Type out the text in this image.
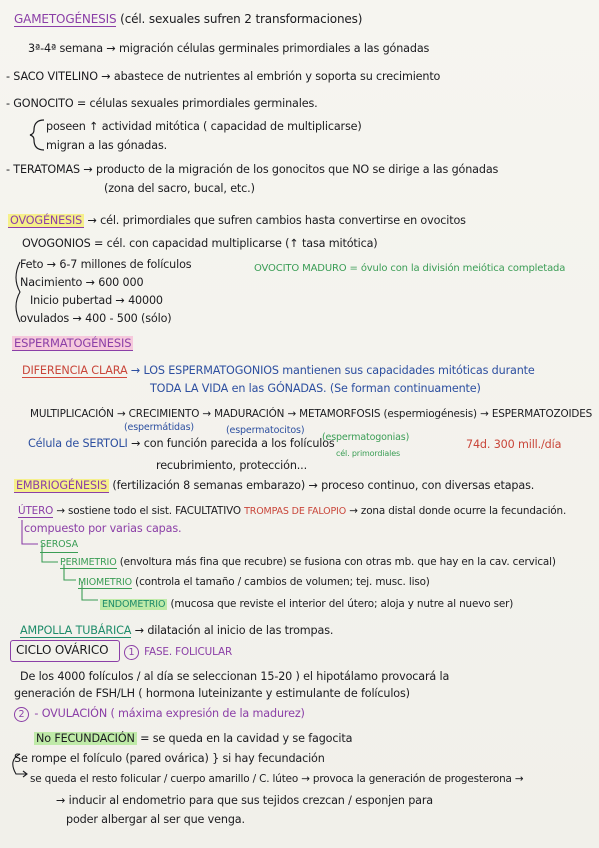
GAMETOGÉNESIS (cél. sexuales sufren 2 transformaciones)
3ª-4ª semana → migración células germinales primordiales a las gónadas
- SACO VITELINO → abastece de nutrientes al embrión y soporta su crecimiento
- GONOCITO = células sexuales primordiales germinales.
poseen ↑ actividad mitótica ( capacidad de multiplicarse)
migran a las gónadas.
- TERATOMAS → producto de la migración de los gonocitos que NO se dirige a las gónadas
(zona del sacro, bucal, etc.)
OVOGÉNESIS → cél. primordiales que sufren cambios hasta convertirse en ovocitos
OVOGONIOS = cél. con capacidad multiplicarse (↑ tasa mitótica)
Feto → 6-7 millones de folículos	OVOCITO MADURO = óvulo con la división meiótica completada
Nacimiento → 600 000
Inicio pubertad → 40000
ovulados → 400 - 500 (sólo)
ESPERMATOGÉNESIS
DIFERENCIA CLARA → LOS ESPERMATOGONIOS mantienen sus capacidades mitóticas durante
TODA LA VIDA en las GÓNADAS. (Se forman continuamente)
MULTIPLICACIÓN → CRECIMIENTO → MADURACIÓN → METAMORFOSIS (espermiogénesis) → ESPERMATOZOIDES
(espermátidas)	(espermatocitos)
(espermatogonias)
cél. primordiales
74d. 300 mill./día
Célula de SERTOLI → con función parecida a los folículos
recubrimiento, protección...
EMBRIOGÉNESIS (fertilización 8 semanas embarazo) → proceso continuo, con diversas etapas.
ÚTERO → sostiene todo el sist. FACULTATIVO TROMPAS DE FALOPIO → zona distal donde ocurre la fecundación.
compuesto por varias capas.
SEROSA
PERIMETRIO (envoltura más fina que recubre) se fusiona con otras mb. que hay en la cav. cervical)
MIOMETRIO (controla el tamaño / cambios de volumen; tej. musc. liso)
ENDOMETRIO (mucosa que reviste el interior del útero; aloja y nutre al nuevo ser)
AMPOLLA TUBÁRICA → dilatación al inicio de las trompas.
CICLO OVÁRICO	1 FASE. FOLICULAR
De los 4000 folículos / al día se seleccionan 15-20 ) el hipotálamo provocará la
generación de FSH/LH ( hormona luteinizante y estimulante de folículos)
2 - OVULACIÓN ( máxima expresión de la madurez)
No FECUNDACIÓN = se queda en la cavidad y se fagocita
Se rompe el folículo (pared ovárica) } si hay fecundación
se queda el resto folicular / cuerpo amarillo / C. lúteo → provoca la generación de progesterona →
→ inducir al endometrio para que sus tejidos crezcan / esponjen para
poder albergar al ser que venga.
